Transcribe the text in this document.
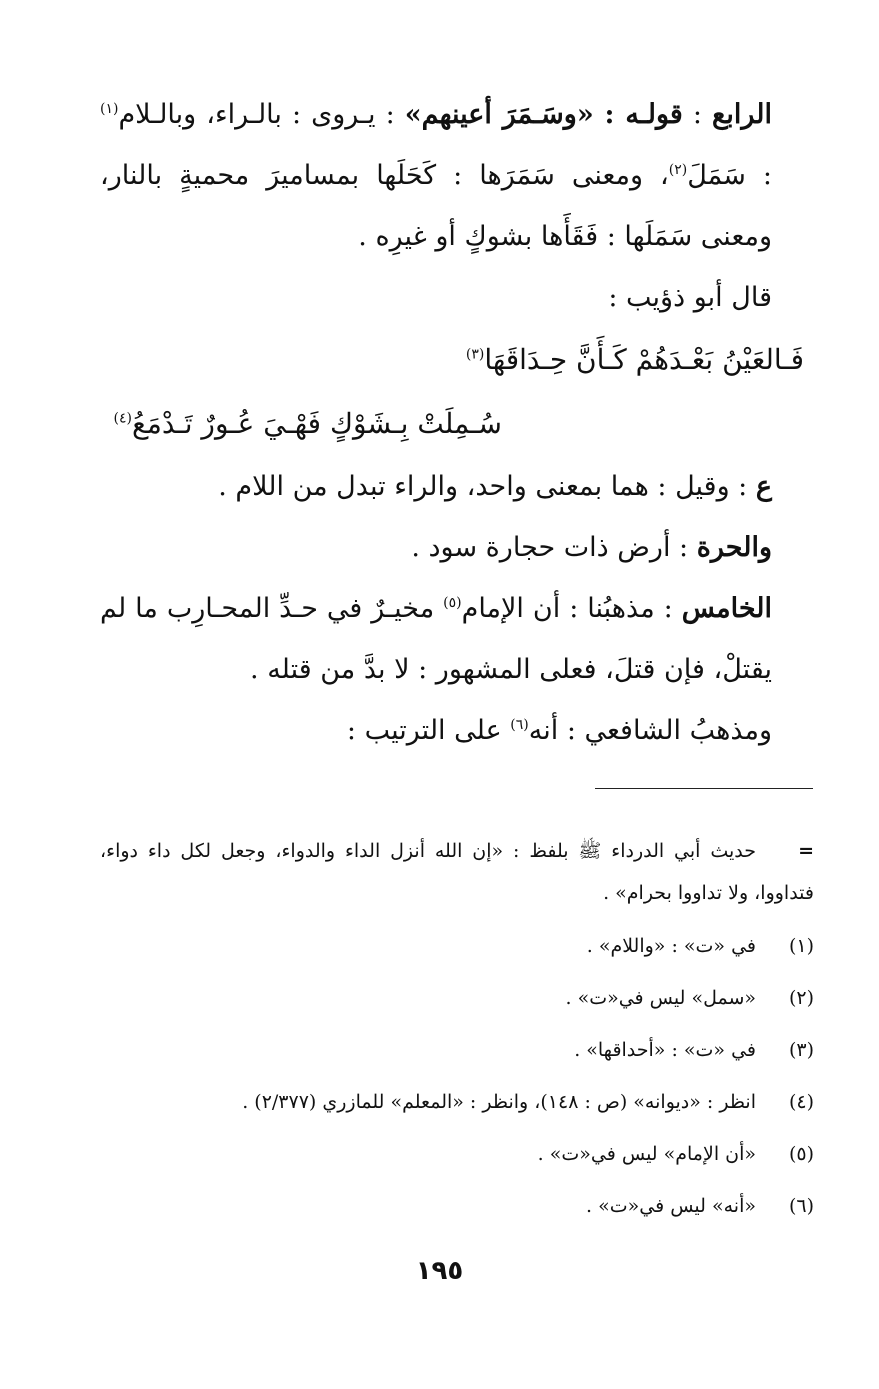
الرابع : قولـه : «وسَـمَرَ أعينهم» : يـروى : بالـراء، وبالـلام$^{(١)}$ : سَمَلَ$^{(٢)}$، ومعنى سَمَرَها : كَحَلَها بمساميرَ محميةٍ بالنار، ومعنى سَمَلَها : فَقَأَها بشوكٍ أو غيرِه .

قال أبو ذؤيب :

فَـالعَيْنُ بَعْـدَهُمْ كَـأَنَّ حِـدَاقَهَا$^{(٣)}$

سُـمِلَتْ بِـشَوْكٍ فَهْـيَ عُـورٌ تَـدْمَعُ$^{(٤)}$

ع : وقيل : هما بمعنى واحد، والراء تبدل من اللام .

والحرة : أرض ذات حجارة سود .

الخامس : مذهبُنا : أن الإمام$^{(٥)}$ مخيـرٌ في حـدِّ المحـارِب ما لم يقتلْ، فإن قتلَ، فعلى المشهور : لا بدَّ من قتله .

ومذهبُ الشافعي : أنه$^{(٦)}$ على الترتيب :

=حديث أبي الدرداء ﷺ بلفظ : «إن الله أنزل الداء والدواء، وجعل لكل داء دواء، فتداووا، ولا تداووا بحرام» .

(١)
في «ت» : «واللام» .
(٢)
«سمل» ليس في«ت» .
(٣)
في «ت» : «أحداقها» .
(٤)
انظر : «ديوانه» (ص : ١٤٨)، وانظر : «المعلم» للمازري (٢/٣٧٧) .
(٥)
«أن الإمام» ليس في«ت» .
(٦)
«أنه» ليس في«ت» .
١٩٥
